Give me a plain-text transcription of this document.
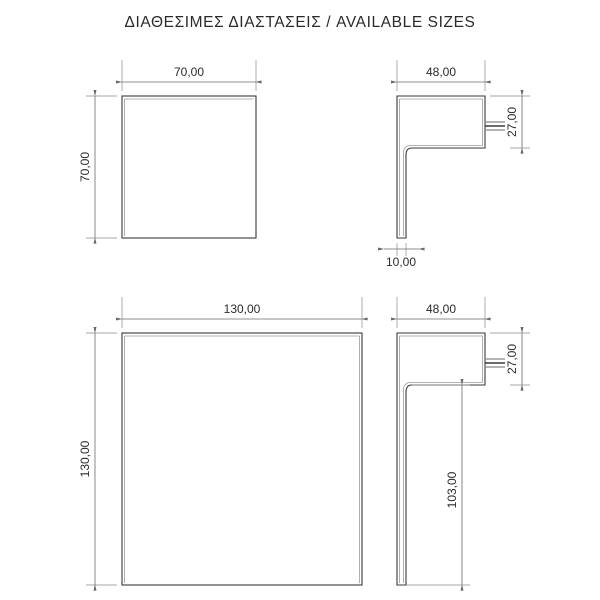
ΔΙΑΘΕΣΙΜΕΣ ΔΙΑΣΤΑΣΕΙΣ / AVAILABLE SIZES
70,00
70,00
48,00
10,00
27,00
130,00
130,00
48,00
27,00
103,00
